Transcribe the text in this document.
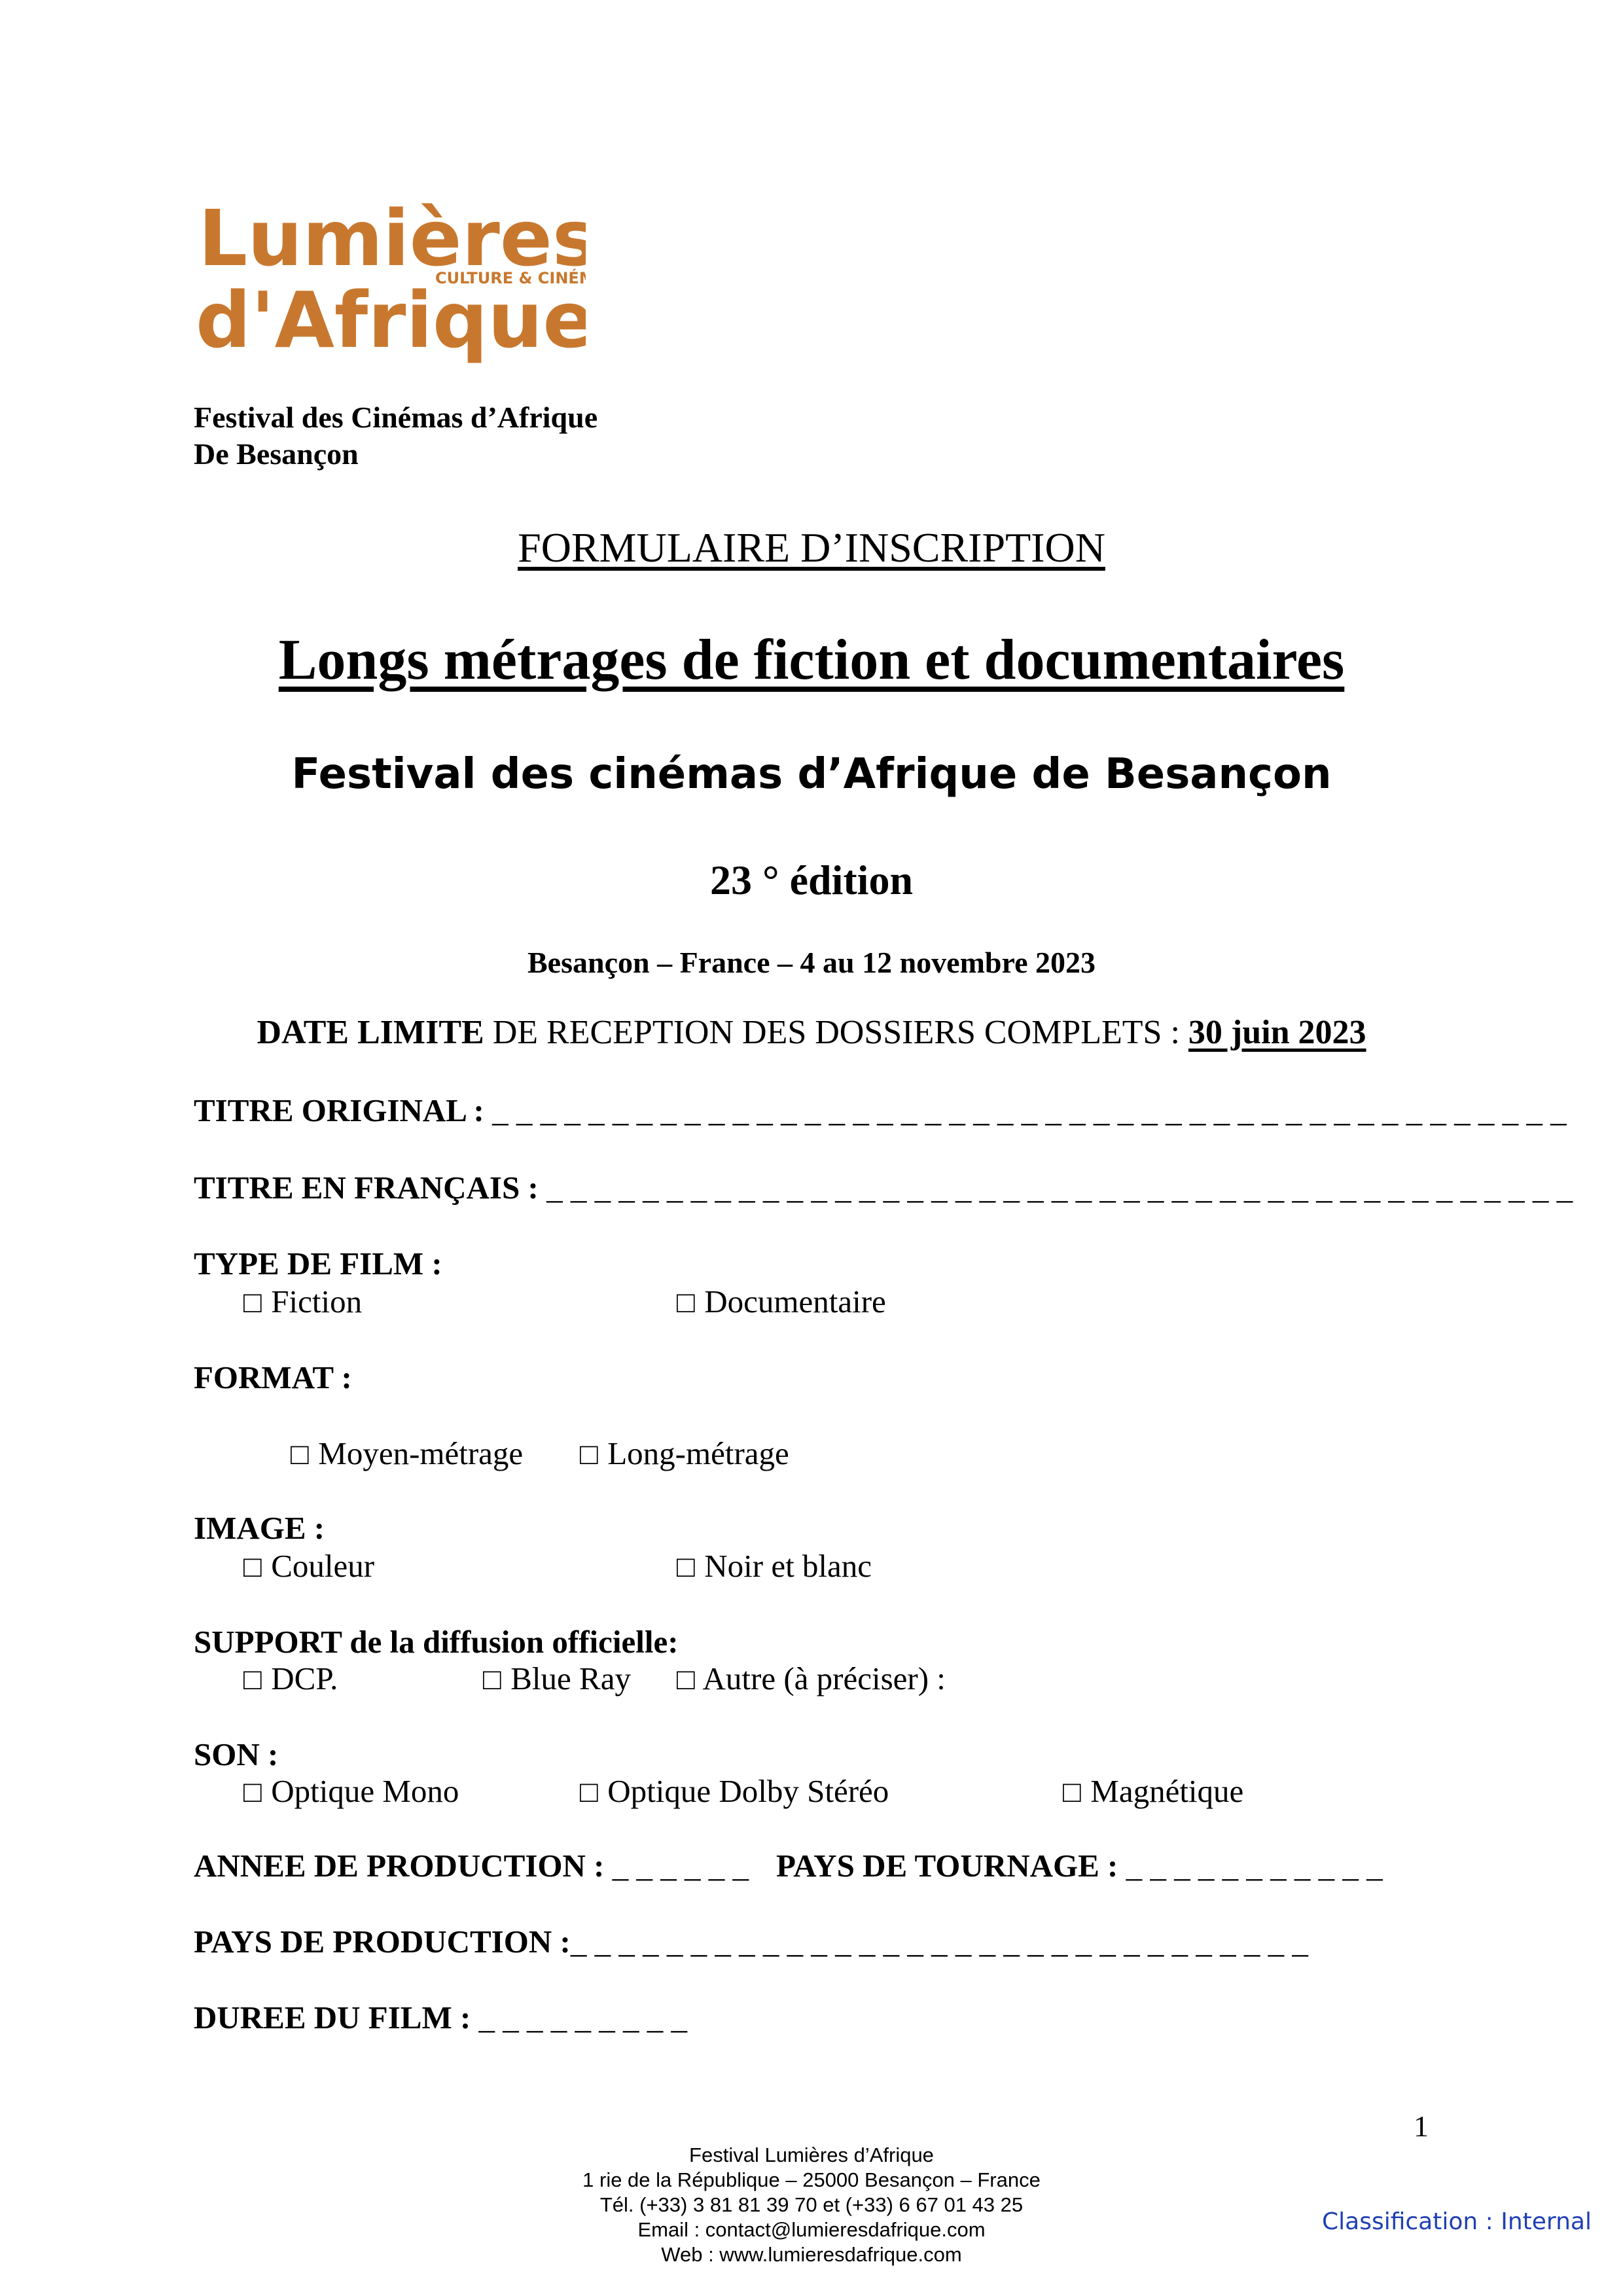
Lumières
d'Afrique
CULTURE & CINÉ
Festival des Cinémas d’Afrique
De Besançon
FORMULAIRE D’INSCRIPTION
Longs métrages de fiction et documentaires
Festival des cinémas d’Afrique de Besançon
23 ° édition
Besançon – France – 4 au 12 novembre 2023
DATE LIMITE DE RECEPTION DES DOSSIERS COMPLETS : 30 juin 2023
TITRE ORIGINAL : _ _ _ _ _ _ _ _ _ _ _ _ _ _ _ _ _ _ _ _ _ _ _ _ _ _ _ _ _ _ _ _ _ _ _ _ _ _ _ _ _ _ _ _ _
TITRE EN FRANÇAIS : _ _ _ _ _ _ _ _ _ _ _ _ _ _ _ _ _ _ _ _ _ _ _ _ _ _ _ _ _ _ _ _ _ _ _ _ _ _ _ _ _ _ _
TYPE DE FILM :
□ Fiction	□ Documentaire
FORMAT :
□ Moyen-métrage □ Long-métrage
IMAGE :
□ Couleur	□ Noir et blanc
SUPPORT de la diffusion officielle:
□ DCP.	□ Blue Ray □ Autre (à préciser) :
SON :
□ Optique Mono	□ Optique Dolby Stéréo	□ Magnétique
ANNEE DE PRODUCTION : _ _ _ _ _ _ PAYS DE TOURNAGE : _ _ _ _ _ _ _ _ _ _ _
PAYS DE PRODUCTION :_ _ _ _ _ _ _ _ _ _ _ _ _ _ _ _ _ _ _ _ _ _ _ _ _ _ _ _ _ _ _
DUREE DU FILM : _ _ _ _ _ _ _ _ _
1
Festival Lumières d’Afrique
1 rie de la République – 25000 Besançon – France
Tél. (+33) 3 81 81 39 70 et (+33) 6 67 01 43 25
Email : contact@lumieresdafrique.com
Web : www.lumieresdafrique.com
Classification : Internal
